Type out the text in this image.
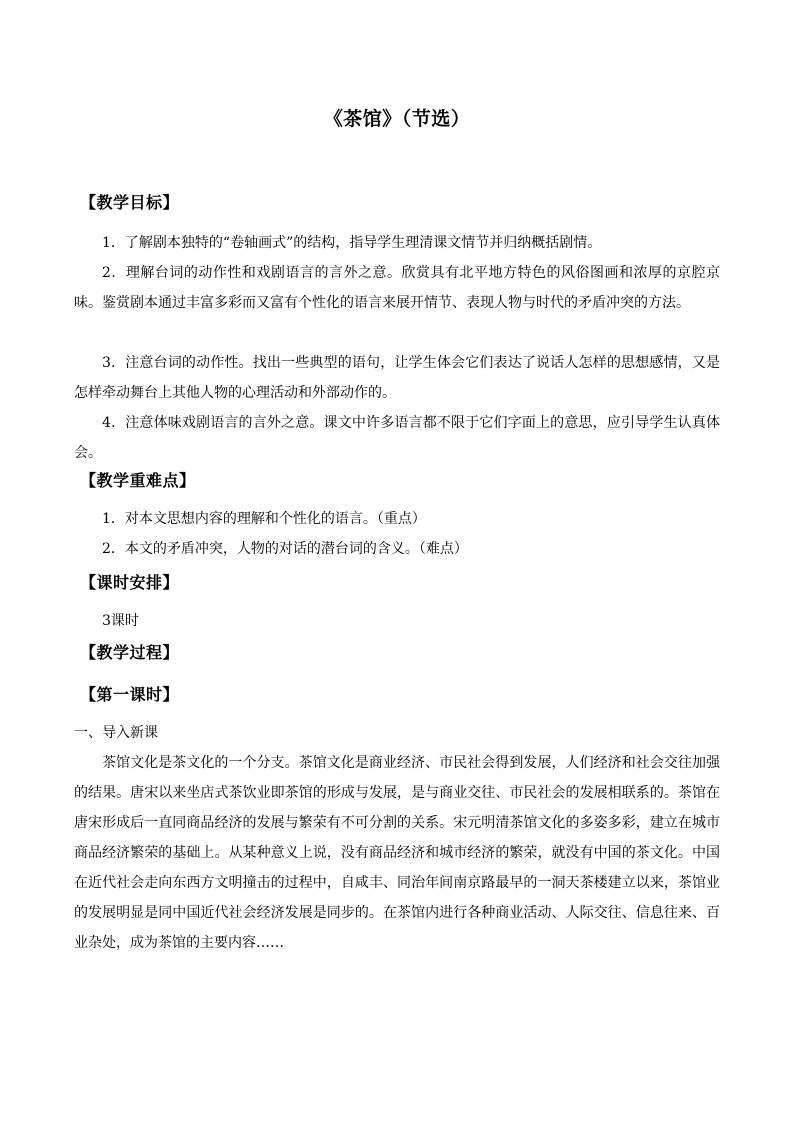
《茶馆》（节选）
【教学目标】
1．了解剧本独特的“卷轴画式”的结构，指导学生理清课文情节并归纳概括剧情。
2．理解台词的动作性和戏剧语言的言外之意。欣赏具有北平地方特色的风俗图画和浓厚的京腔京味。鉴赏剧本通过丰富多彩而又富有个性化的语言来展开情节、表现人物与时代的矛盾冲突的方法。
3．注意台词的动作性。找出一些典型的语句，让学生体会它们表达了说话人怎样的思想感情，又是怎样牵动舞台上其他人物的心理活动和外部动作的。
4．注意体味戏剧语言的言外之意。课文中许多语言都不限于它们字面上的意思，应引导学生认真体会。
【教学重难点】
1．对本文思想内容的理解和个性化的语言。（重点）
2．本文的矛盾冲突，人物的对话的潜台词的含义。（难点）
【课时安排】
3课时
【教学过程】
【第一课时】
一、导入新课
茶馆文化是茶文化的一个分支。茶馆文化是商业经济、市民社会得到发展，人们经济和社会交往加强的结果。唐宋以来坐店式茶饮业即茶馆的形成与发展，是与商业交往、市民社会的发展相联系的。茶馆在唐宋形成后一直同商品经济的发展与繁荣有不可分割的关系。宋元明清茶馆文化的多姿多彩，建立在城市商品经济繁荣的基础上。从某种意义上说，没有商品经济和城市经济的繁荣，就没有中国的茶文化。中国在近代社会走向东西方文明撞击的过程中，自咸丰、同治年间南京路最早的一洞天茶楼建立以来，茶馆业的发展明显是同中国近代社会经济发展是同步的。在茶馆内进行各种商业活动、人际交往、信息往来、百业杂处，成为茶馆的主要内容……
